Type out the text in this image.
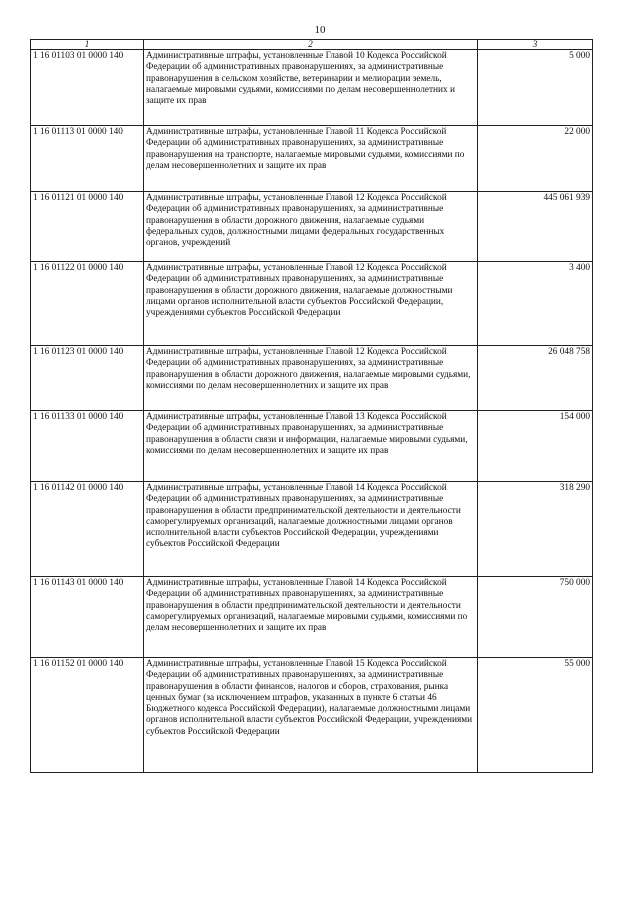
10
1	2	3
1 16 01103 01 0000 140	Административные штрафы, установленные Главой 10 Кодекса Российской Федерации об административных правонарушениях, за административные правонарушения в сельском хозяйстве, ветеринарии и мелиорации земель, налагаемые мировыми судьями, комиссиями по делам несовершеннолетних и защите их прав	5 000
1 16 01113 01 0000 140	Административные штрафы, установленные Главой 11 Кодекса Российской Федерации об административных правонарушениях, за административные правонарушения на транспорте, налагаемые мировыми судьями, комиссиями по делам несовершеннолетних и защите их прав	22 000
1 16 01121 01 0000 140	Административные штрафы, установленные Главой 12 Кодекса Российской Федерации об административных правонарушениях, за административные правонарушения в области дорожного движения, налагаемые судьями федеральных судов, должностными лицами федеральных государственных органов, учреждений	445 061 939
1 16 01122 01 0000 140	Административные штрафы, установленные Главой 12 Кодекса Российской Федерации об административных правонарушениях, за административные правонарушения в области дорожного движения, налагаемые должностными лицами органов исполнительной власти субъектов Российской Федерации, учреждениями субъектов Российской Федерации	3 400
1 16 01123 01 0000 140	Административные штрафы, установленные Главой 12 Кодекса Российской Федерации об административных правонарушениях, за административные правонарушения в области дорожного движения, налагаемые мировыми судьями, комиссиями по делам несовершеннолетних и защите их прав	26 048 758
1 16 01133 01 0000 140	Административные штрафы, установленные Главой 13 Кодекса Российской Федерации об административных правонарушениях, за административные правонарушения в области связи и информации, налагаемые мировыми судьями, комиссиями по делам несовершеннолетних и защите их прав	154 000
1 16 01142 01 0000 140	Административные штрафы, установленные Главой 14 Кодекса Российской Федерации об административных правонарушениях, за административные правонарушения в области предпринимательской деятельности и деятельности саморегулируемых организаций, налагаемые должностными лицами органов исполнительной власти субъектов Российской Федерации, учреждениями субъектов Российской Федерации	318 290
1 16 01143 01 0000 140	Административные штрафы, установленные Главой 14 Кодекса Российской Федерации об административных правонарушениях, за административные правонарушения в области предпринимательской деятельности и деятельности саморегулируемых организаций, налагаемые мировыми судьями, комиссиями по делам несовершеннолетних и защите их прав	750 000
1 16 01152 01 0000 140	Административные штрафы, установленные Главой 15 Кодекса Российской Федерации об административных правонарушениях, за административные правонарушения в области финансов, налогов и сборов, страхования, рынка ценных бумаг (за исключением штрафов, указанных в пункте 6 статьи 46 Бюджетного кодекса Российской Федерации), налагаемые должностными лицами органов исполнительной власти субъектов Российской Федерации, учреждениями субъектов Российской Федерации	55 000
